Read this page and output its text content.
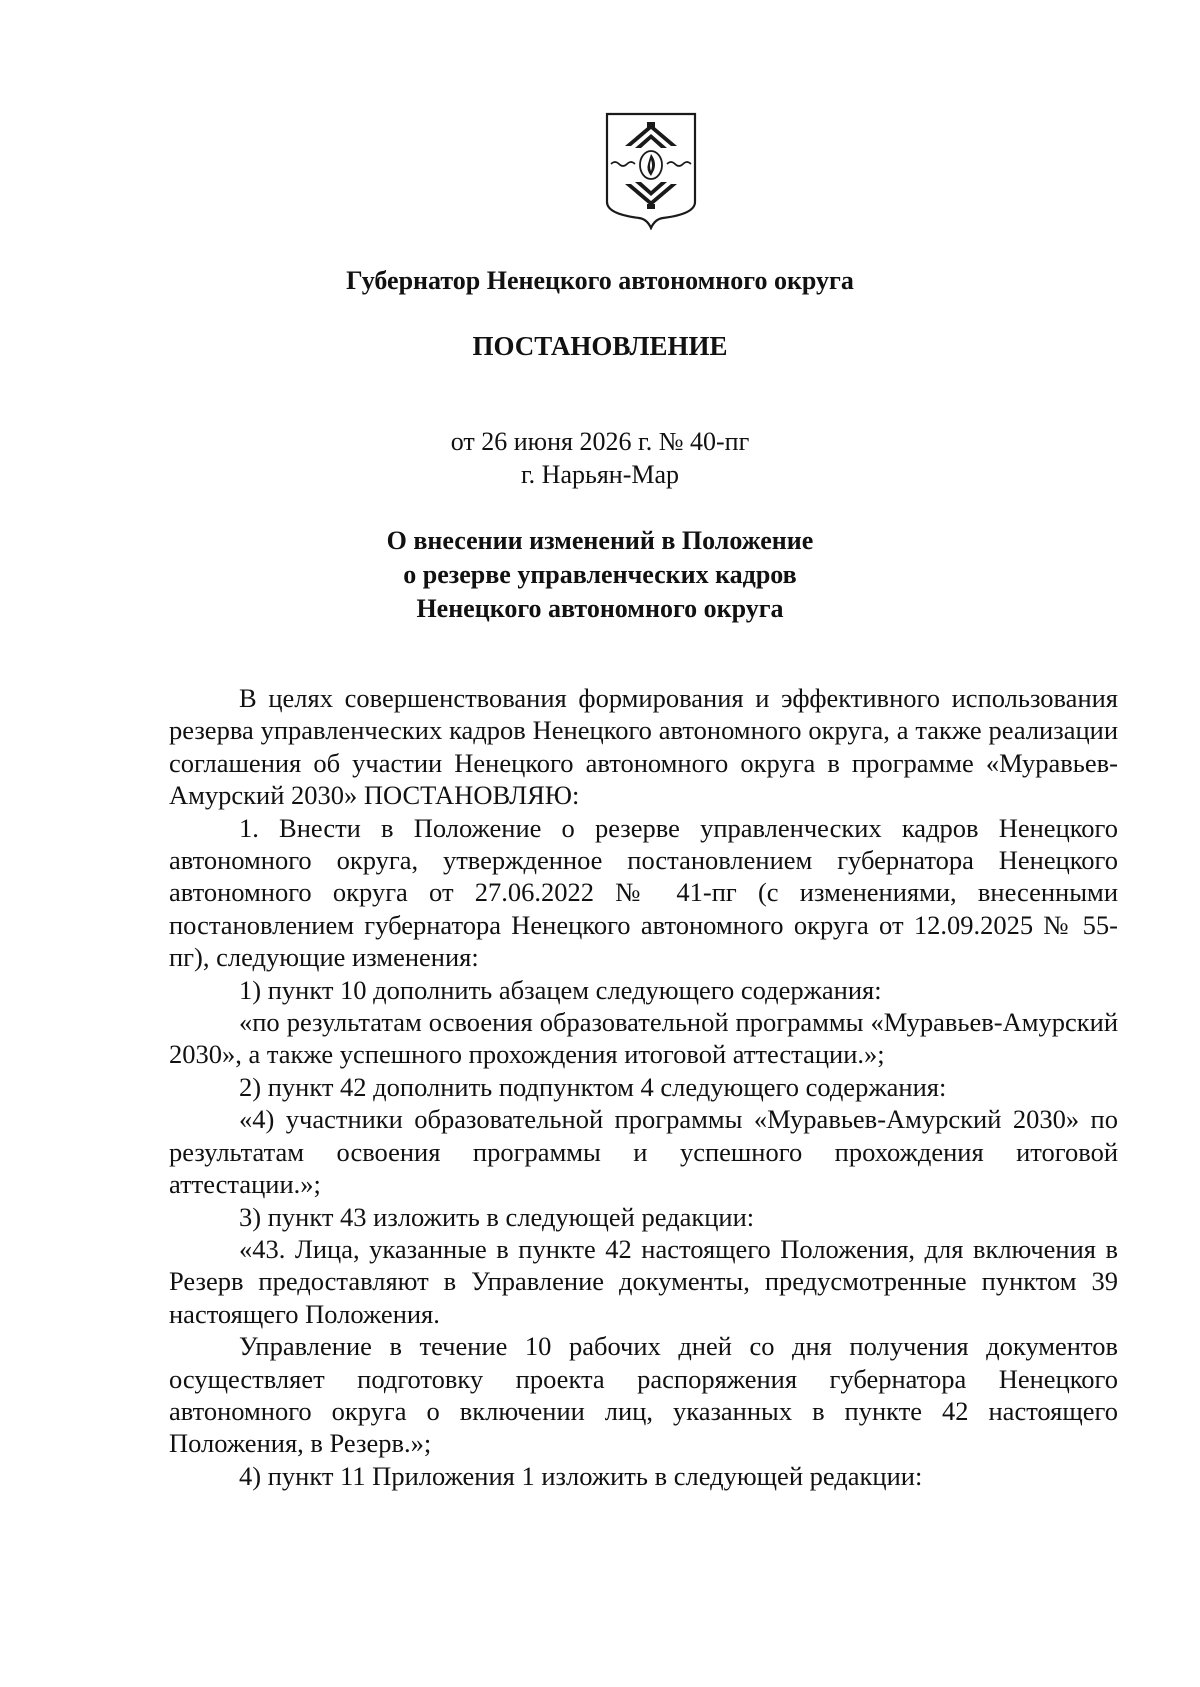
Губернатор Ненецкого автономного округа
ПОСТАНОВЛЕНИЕ
от 26 июня 2026 г. № 40-пг
г. Нарьян-Мар
О внесении изменений в Положение
о резерве управленческих кадров
Ненецкого автономного округа

В целях совершенствования формирования и эффективного использования резерва управленческих кадров Ненецкого автономного округа, а также реализации соглашения об участии Ненецкого автономного округа в программе «Муравьев-Амурский 2030» ПОСТАНОВЛЯЮ:

1. Внести в Положение о резерве управленческих кадров Ненецкого автономного округа, утвержденное постановлением губернатора Ненецкого автономного округа от 27.06.2022 № 41-пг (с изменениями, внесенными постановлением губернатора Ненецкого автономного округа от 12.09.2025 № 55-пг), следующие изменения:

1) пункт 10 дополнить абзацем следующего содержания:

«по результатам освоения образовательной программы «Муравьев-Амурский 2030», а также успешного прохождения итоговой аттестации.»;

2) пункт 42 дополнить подпунктом 4 следующего содержания:

«4) участники образовательной программы «Муравьев-Амурский 2030» по результатам освоения программы и успешного прохождения итоговой аттестации.»;

3) пункт 43 изложить в следующей редакции:

«43. Лица, указанные в пункте 42 настоящего Положения, для включения в Резерв предоставляют в Управление документы, предусмотренные пунктом 39 настоящего Положения.

Управление в течение 10 рабочих дней со дня получения документов осуществляет подготовку проекта распоряжения губернатора Ненецкого автономного округа о включении лиц, указанных в пункте 42 настоящего Положения, в Резерв.»;

4) пункт 11 Приложения 1 изложить в следующей редакции:
